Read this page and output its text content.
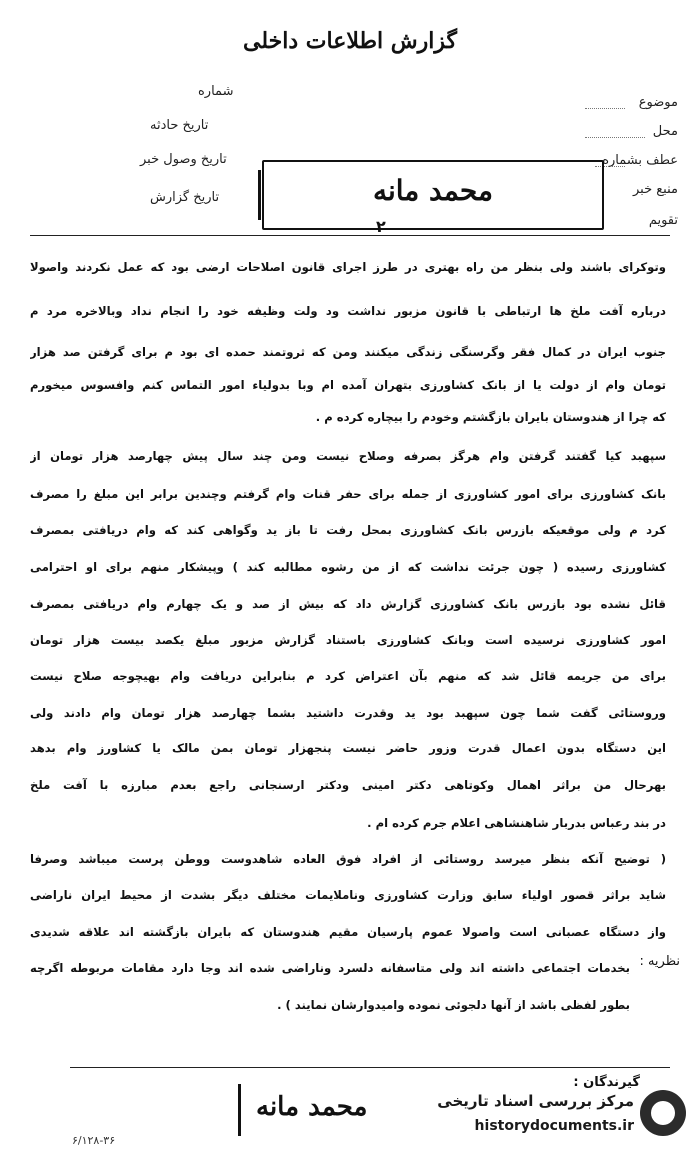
گزارش اطلاعات داخلی
موضوع
محل
عطف بشماره
منبع خبر
تقویم
شماره
تاریخ حادثه
تاریخ وصول خبر
تاریخ گزارش	محمد مانه
۲
وتوکرای باشند ولی بنظر من راه بهتری در طرز اجرای قانون اصلاحات ارضی بود که عمل نکردند واصولا
درباره آفت ملخ ها ارتباطی با قانون مزبور نداشت ود ولت وظیفه خود را انجام نداد وبالاخره مرد م
جنوب ایران در کمال فقر وگرسنگی زندگی میکنند ومن که ثروتمند حمده ای بود م برای گرفتن صد هزار
تومان وام از دولت یا از بانک کشاورزی بتهران آمده ام وبا بدولیاء امور التماس کنم وافسوس میخورم
که چرا از هندوستان بایران بازگشتم وخودم را بیچاره کرده م .
سپهبد کیا گفتند گرفتن وام هرگز بصرفه وصلاح نیست ومن چند سال پیش چهارصد هزار تومان از
بانک کشاورزی برای امور کشاورزی از جمله برای حفر قنات وام گرفتم وچندین برابر این مبلغ را مصرف
کرد م ولی موقعیکه بازرس بانک کشاورزی بمحل رفت تا باز ید وگواهی کند که وام دریافتی بمصرف
کشاورزی رسیده ( چون جرئت نداشت که از من رشوه مطالبه کند ) وپیشکار منهم برای او احترامی
قائل نشده بود بازرس بانک کشاورزی گزارش داد که بیش از صد و یک چهارم وام دریافتی بمصرف
امور کشاورزی نرسیده است وبانک کشاورزی باستناد گزارش مزبور مبلغ یکصد بیست هزار تومان
برای من جریمه قائل شد که منهم بآن اعتراض کرد م بنابراین دریافت وام بهیچوجه صلاح نیست
وروستائی گفت شما چون سپهبد بود ید وقدرت داشتید بشما چهارصد هزار تومان وام دادند ولی
این دستگاه بدون اعمال قدرت وزور حاضر نیست پنجهزار تومان بمن مالک یا کشاورز وام بدهد
بهرحال من براثر اهمال وکوتاهی دکتر امینی ودکتر ارسنجانی راجع بعدم مبارزه با آفت ملخ
در بند رعباس بدربار شاهنشاهی اعلام جرم کرده ام .
( توضیح آنکه بنظر میرسد روستائی از افراد فوق العاده شاهدوست ووطن پرست میباشد وصرفا
شاید براثر قصور اولیاء سابق وزارت کشاورزی وناملایمات مختلف دیگر بشدت از محیط ایران ناراضی
واز دستگاه عصبانی است واصولا عموم پارسیان مقیم هندوستان که بایران بازگشته اند علاقه شدیدی
بخدمات اجتماعی داشته اند ولی متاسفانه دلسرد وناراضی شده اند وجا دارد مقامات مربوطه اگرچه
بطور لفظی باشد از آنها دلجوئی نموده وامیدوارشان نمایند ) .
نظریه :
گیرندگان :
محمد مانه
۶/۱۲۸-۳۶
مرکز بررسی اسناد تاریخی
historydocuments.ir
